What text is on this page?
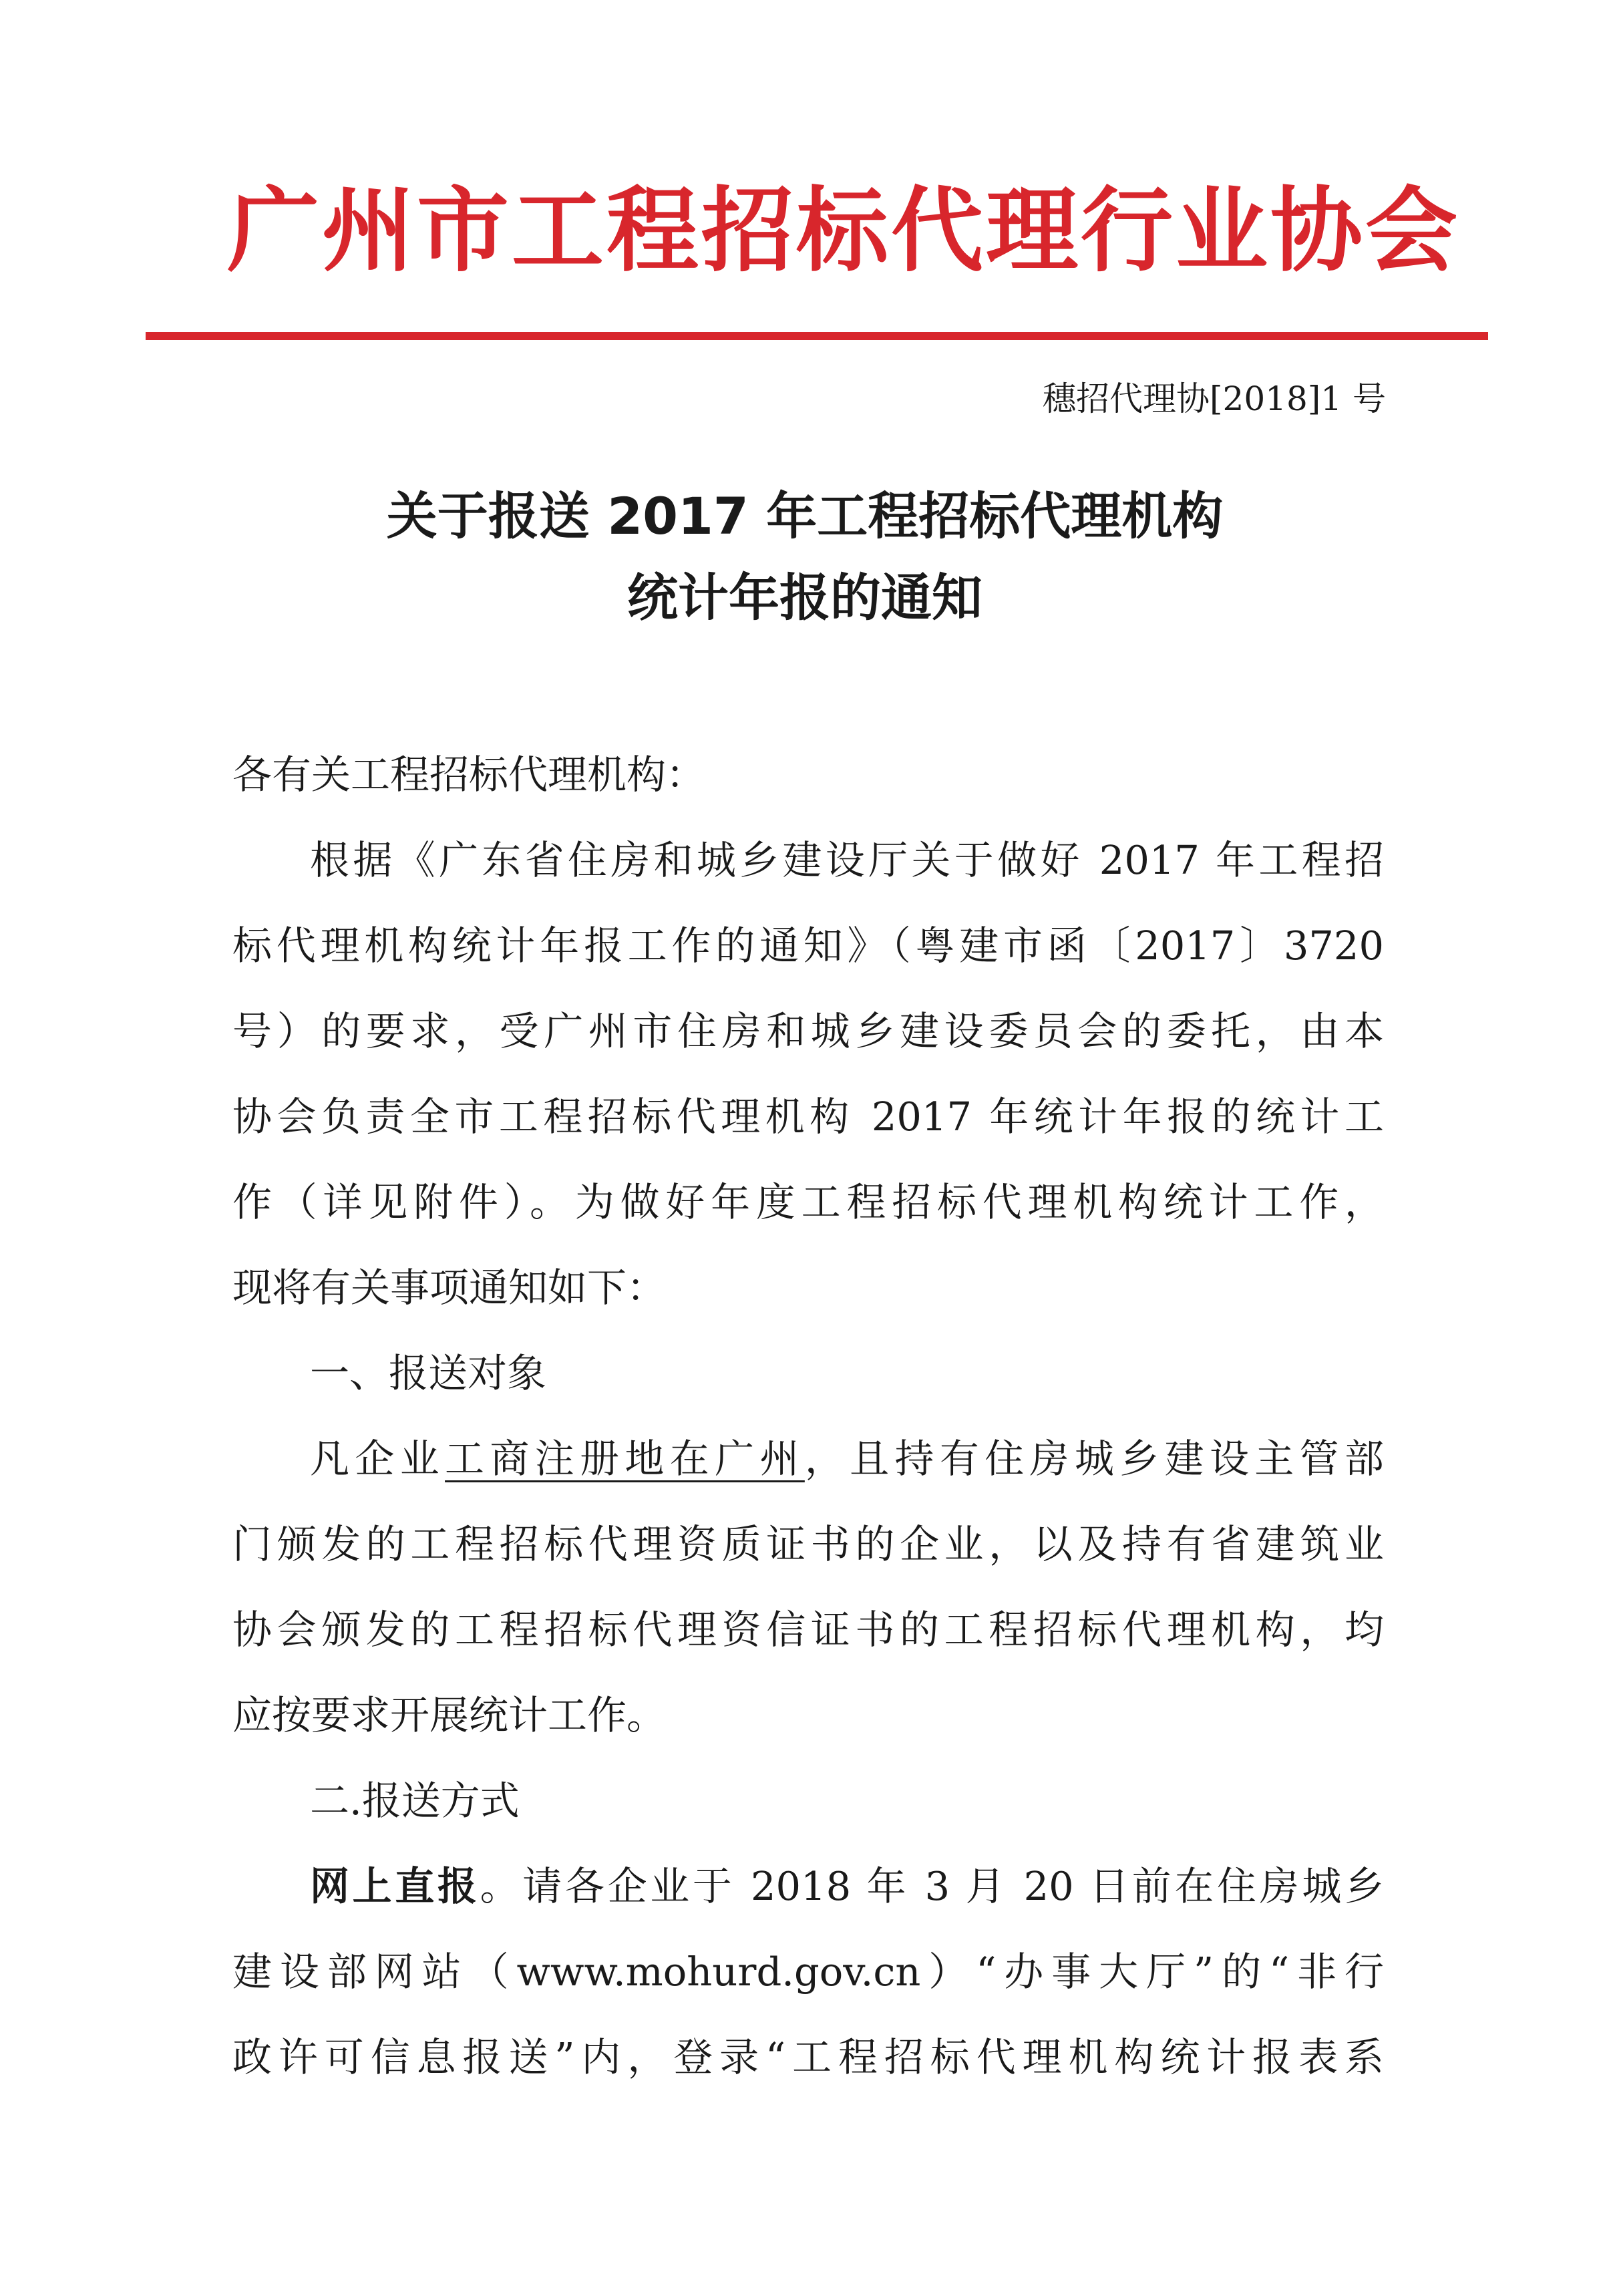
广州市工程招标代理行业协会
穗招代理协[2018]1 号
关于报送 2017 年工程招标代理机构
统计年报的通知
各有关工程招标代理机构：
根据《广东省住房和城乡建设厅关于做好 2017 年工程招
标代理机构统计年报工作的通知》（粤建市函〔2017〕3720
号）的要求，受广州市住房和城乡建设委员会的委托，由本
协会负责全市工程招标代理机构 2017 年统计年报的统计工
作（详见附件）。为做好年度工程招标代理机构统计工作，
现将有关事项通知如下：
一、报送对象
凡企业工商注册地在广州，且持有住房城乡建设主管部
门颁发的工程招标代理资质证书的企业，以及持有省建筑业
协会颁发的工程招标代理资信证书的工程招标代理机构，均
应按要求开展统计工作。
二.报送方式
网上直报。请各企业于 2018 年 3 月 20 日前在住房城乡
建设部网站（www.mohurd.gov.cn）“办事大厅”的“非行
政许可信息报送”内，登录“工程招标代理机构统计报表系
